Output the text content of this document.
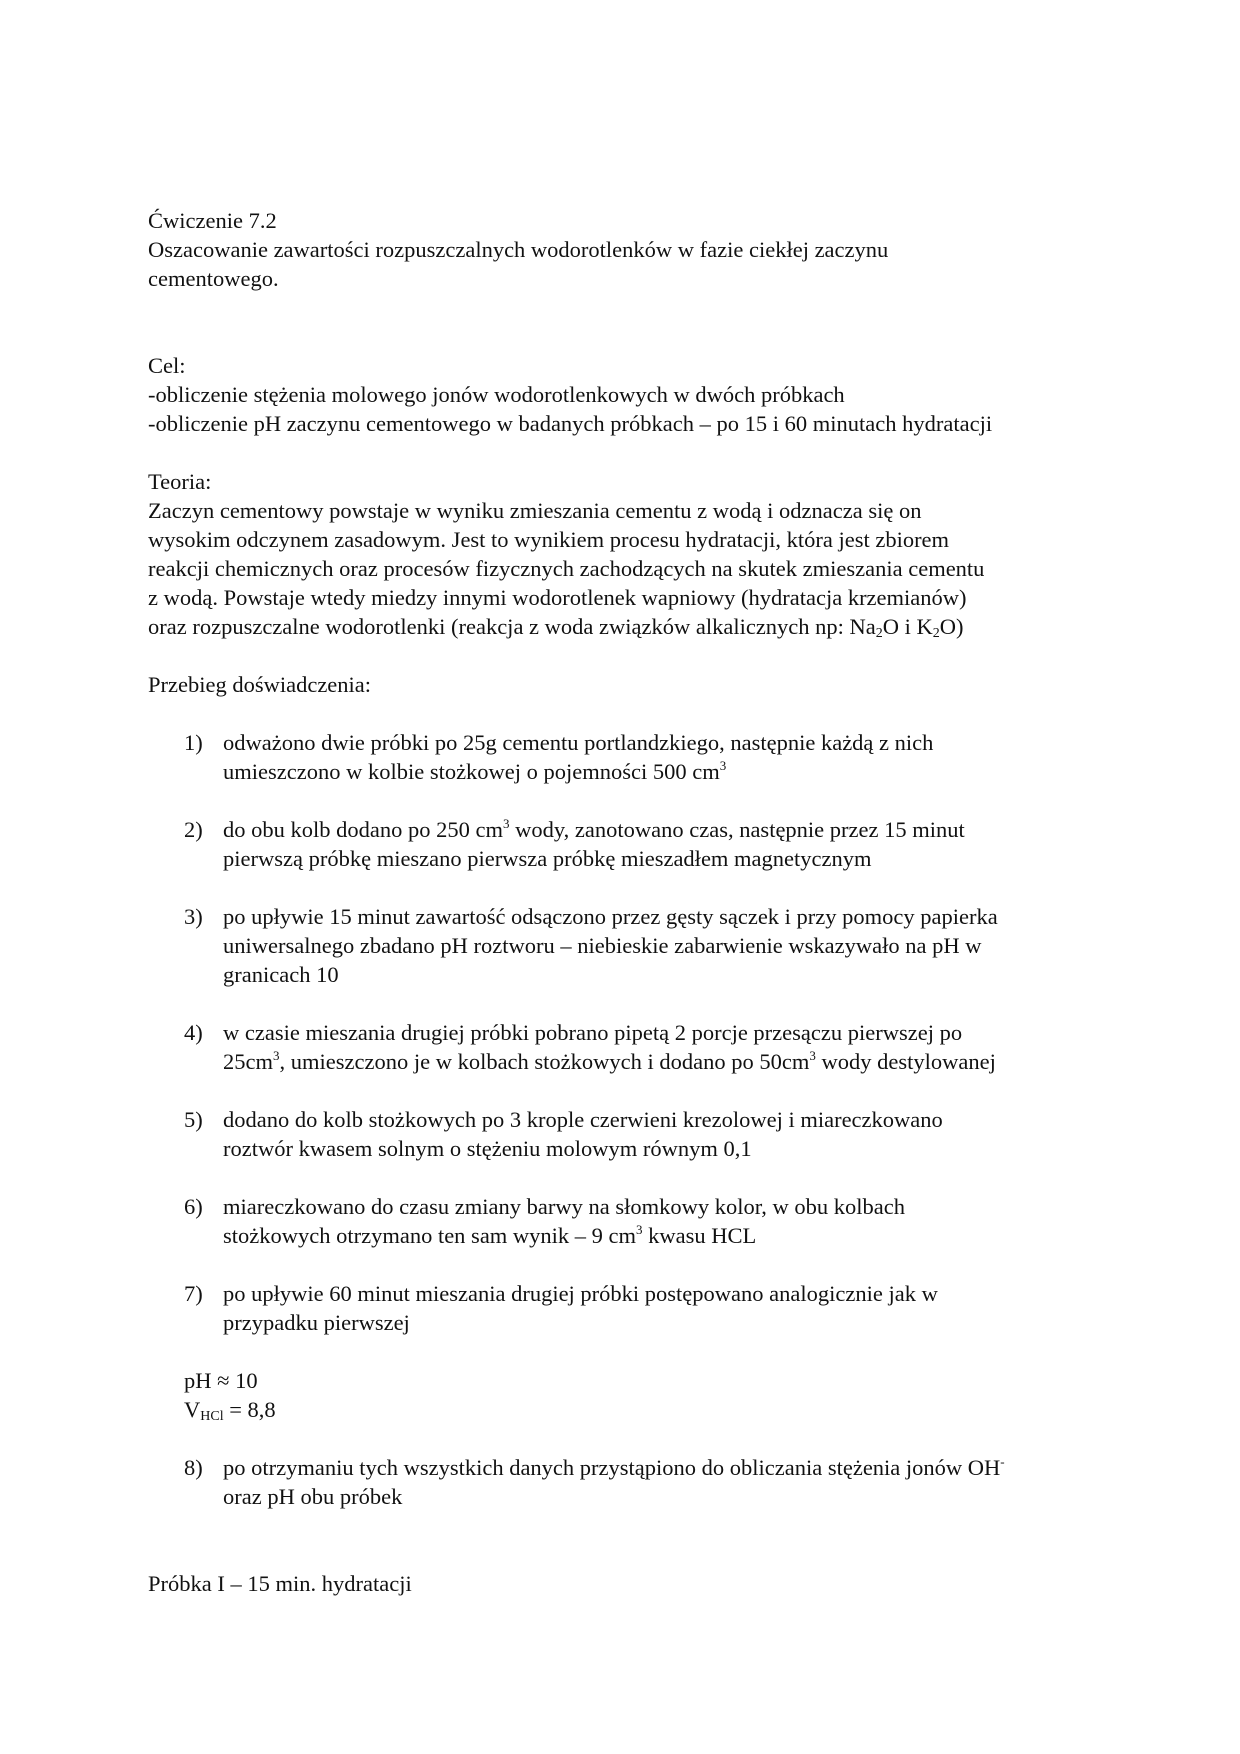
Ćwiczenie 7.2
Oszacowanie zawartości rozpuszczalnych wodorotlenków w fazie ciekłej zaczynu
cementowego.
Cel:
-obliczenie stężenia molowego jonów wodorotlenkowych w dwóch próbkach
-obliczenie pH zaczynu cementowego w badanych próbkach – po 15 i 60 minutach hydratacji
Teoria:
Zaczyn cementowy powstaje w wyniku zmieszania cementu z wodą i odznacza się on
wysokim odczynem zasadowym. Jest to wynikiem procesu hydratacji, która jest zbiorem
reakcji chemicznych oraz procesów fizycznych zachodzących na skutek zmieszania cementu
z wodą. Powstaje wtedy miedzy innymi wodorotlenek wapniowy (hydratacja krzemianów)
oraz rozpuszczalne wodorotlenki (reakcja z woda związków alkalicznych np: $Na_2O$ i $K_2O$)
Przebieg doświadczenia:
1) odważono dwie próbki po 25g cementu portlandzkiego, następnie każdą z nich
umieszczono w kolbie stożkowej o pojemności 500 $cm^3$
2) do obu kolb dodano po 250 $cm^3$ wody, zanotowano czas, następnie przez 15 minut
pierwszą próbkę mieszano pierwsza próbkę mieszadłem magnetycznym
3) po upływie 15 minut zawartość odsączono przez gęsty sączek i przy pomocy papierka
uniwersalnego zbadano pH roztworu – niebieskie zabarwienie wskazywało na pH w
granicach 10
4) w czasie mieszania drugiej próbki pobrano pipetą 2 porcje przesączu pierwszej po
$25cm^3$, umieszczono je w kolbach stożkowych i dodano po $50cm^3$ wody destylowanej
5) dodano do kolb stożkowych po 3 krople czerwieni krezolowej i miareczkowano
roztwór kwasem solnym o stężeniu molowym równym 0,1
6) miareczkowano do czasu zmiany barwy na słomkowy kolor, w obu kolbach
stożkowych otrzymano ten sam wynik – 9 $cm^3$ kwasu HCL
7) po upływie 60 minut mieszania drugiej próbki postępowano analogicznie jak w
przypadku pierwszej
pH ≈ 10
$V_{HCl} = 8,8$
8) po otrzymaniu tych wszystkich danych przystąpiono do obliczania stężenia jonów OH-
oraz pH obu próbek
Próbka I – 15 min. hydratacji
